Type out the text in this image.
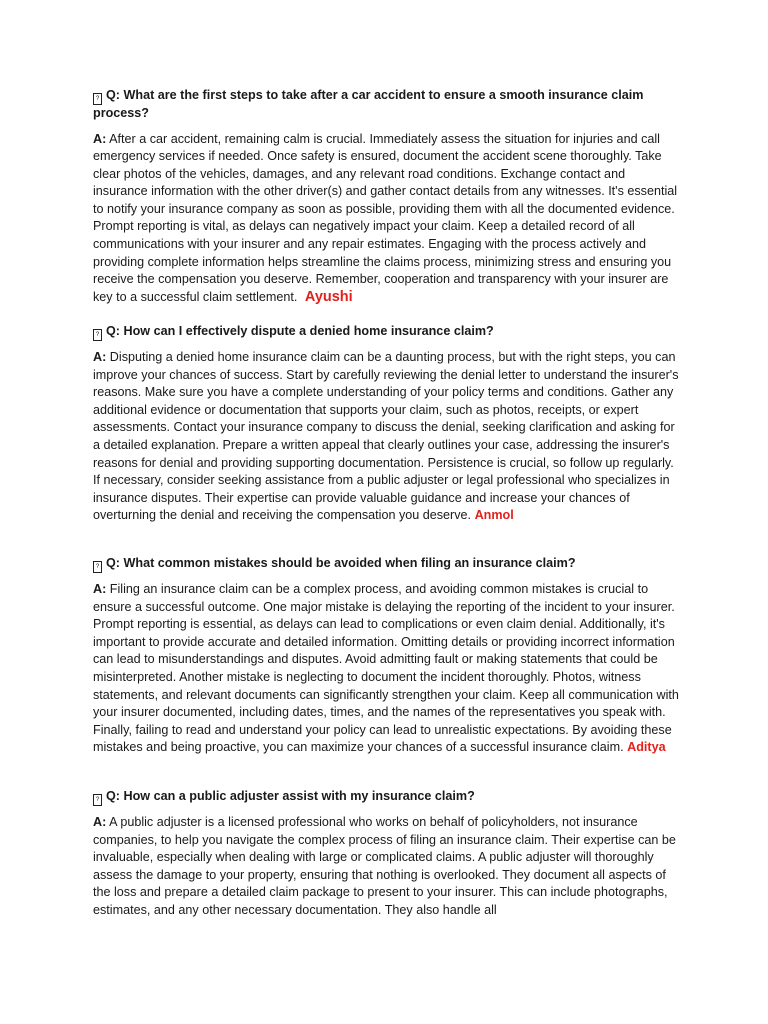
? Q: What are the first steps to take after a car accident to ensure a smooth insurance claim process?

A: After a car accident, remaining calm is crucial. Immediately assess the situation for injuries and call emergency services if needed. Once safety is ensured, document the accident scene thoroughly. Take clear photos of the vehicles, damages, and any relevant road conditions. Exchange contact and insurance information with the other driver(s) and gather contact details from any witnesses. It's essential to notify your insurance company as soon as possible, providing them with all the documented evidence. Prompt reporting is vital, as delays can negatively impact your claim. Keep a detailed record of all communications with your insurer and any repair estimates. Engaging with the process actively and providing complete information helps streamline the claims process, minimizing stress and ensuring you receive the compensation you deserve. Remember, cooperation and transparency with your insurer are key to a successful claim settlement. Ayushi

? Q: How can I effectively dispute a denied home insurance claim?

A: Disputing a denied home insurance claim can be a daunting process, but with the right steps, you can improve your chances of success. Start by carefully reviewing the denial letter to understand the insurer's reasons. Make sure you have a complete understanding of your policy terms and conditions. Gather any additional evidence or documentation that supports your claim, such as photos, receipts, or expert assessments. Contact your insurance company to discuss the denial, seeking clarification and asking for a detailed explanation. Prepare a written appeal that clearly outlines your case, addressing the insurer's reasons for denial and providing supporting documentation. Persistence is crucial, so follow up regularly. If necessary, consider seeking assistance from a public adjuster or legal professional who specializes in insurance disputes. Their expertise can provide valuable guidance and increase your chances of overturning the denial and receiving the compensation you deserve. Anmol

? Q: What common mistakes should be avoided when filing an insurance claim?

A: Filing an insurance claim can be a complex process, and avoiding common mistakes is crucial to ensure a successful outcome. One major mistake is delaying the reporting of the incident to your insurer. Prompt reporting is essential, as delays can lead to complications or even claim denial. Additionally, it's important to provide accurate and detailed information. Omitting details or providing incorrect information can lead to misunderstandings and disputes. Avoid admitting fault or making statements that could be misinterpreted. Another mistake is neglecting to document the incident thoroughly. Photos, witness statements, and relevant documents can significantly strengthen your claim. Keep all communication with your insurer documented, including dates, times, and the names of the representatives you speak with. Finally, failing to read and understand your policy can lead to unrealistic expectations. By avoiding these mistakes and being proactive, you can maximize your chances of a successful insurance claim. Aditya

? Q: How can a public adjuster assist with my insurance claim?

A: A public adjuster is a licensed professional who works on behalf of policyholders, not insurance companies, to help you navigate the complex process of filing an insurance claim. Their expertise can be invaluable, especially when dealing with large or complicated claims. A public adjuster will thoroughly assess the damage to your property, ensuring that nothing is overlooked. They document all aspects of the loss and prepare a detailed claim package to present to your insurer. This can include photographs, estimates, and any other necessary documentation. They also handle all
